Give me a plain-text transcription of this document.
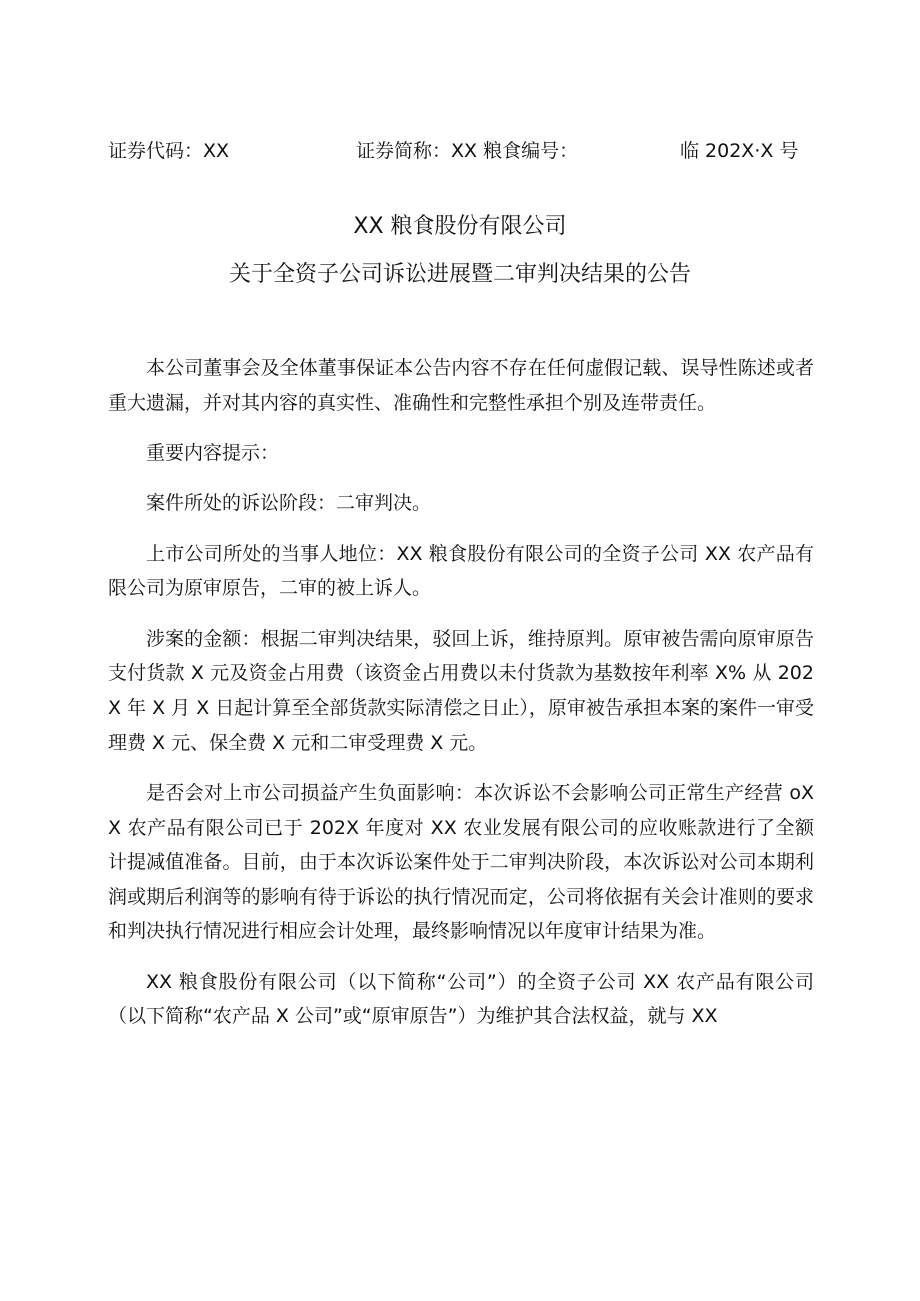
证券代码：XX	证券简称：XX 粮食编号：	临 202X·X 号
XX 粮食股份有限公司
关于全资子公司诉讼进展暨二审判决结果的公告

本公司董事会及全体董事保证本公告内容不存在任何虚假记载、误导性陈述或者重大遗漏，并对其内容的真实性、准确性和完整性承担个别及连带责任。

重要内容提示：

案件所处的诉讼阶段：二审判决。

上市公司所处的当事人地位：XX 粮食股份有限公司的全资子公司 XX 农产品有限公司为原审原告，二审的被上诉人。

涉案的金额：根据二审判决结果，驳回上诉，维持原判。原审被告需向原审原告支付货款 X 元及资金占用费（该资金占用费以未付货款为基数按年利率 X% 从 202X 年 X 月 X 日起计算至全部货款实际清偿之日止），原审被告承担本案的案件一审受理费 X 元、保全费 X 元和二审受理费 X 元。

是否会对上市公司损益产生负面影响：本次诉讼不会影响公司正常生产经营 oXX 农产品有限公司已于 202X 年度对 XX 农业发展有限公司的应收账款进行了全额计提减值准备。目前，由于本次诉讼案件处于二审判决阶段，本次诉讼对公司本期利润或期后利润等的影响有待于诉讼的执行情况而定，公司将依据有关会计准则的要求和判决执行情况进行相应会计处理，最终影响情况以年度审计结果为准。

XX 粮食股份有限公司（以下简称“公司”）的全资子公司 XX 农产品有限公司（以下简称“农产品 X 公司”或“原审原告”）为维护其合法权益，就与 XX
